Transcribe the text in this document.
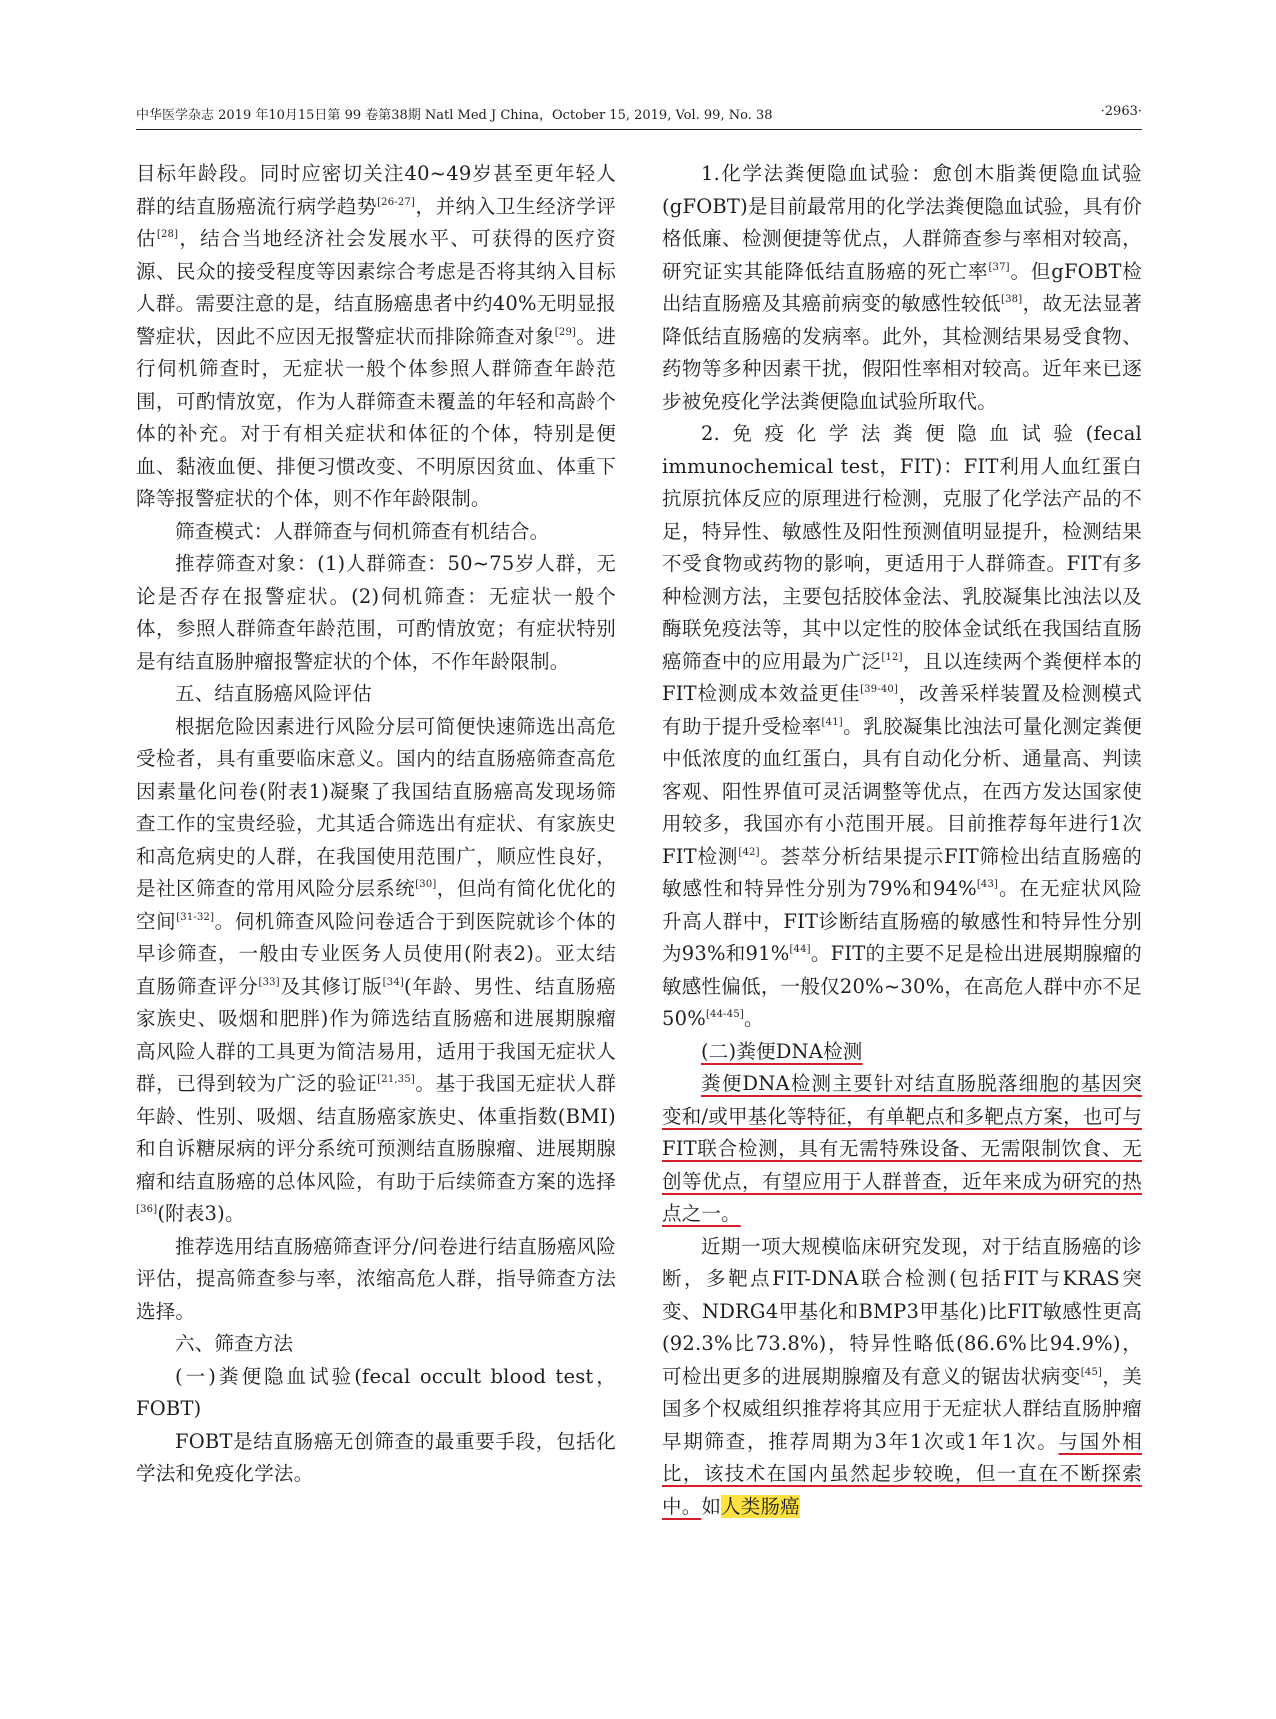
中华医学杂志 2019 年10月15日第 99 卷第38期 Natl Med J China，October 15, 2019, Vol. 99, No. 38	·2963·

目标年龄段。同时应密切关注40~49岁甚至更年轻人群的结直肠癌流行病学趋势[26-27]，并纳入卫生经济学评估[28]，结合当地经济社会发展水平、可获得的医疗资源、民众的接受程度等因素综合考虑是否将其纳入目标人群。需要注意的是，结直肠癌患者中约40%无明显报警症状，因此不应因无报警症状而排除筛查对象[29]。进行伺机筛查时，无症状一般个体参照人群筛查年龄范围，可酌情放宽，作为人群筛查未覆盖的年轻和高龄个体的补充。对于有相关症状和体征的个体，特别是便血、黏液血便、排便习惯改变、不明原因贫血、体重下降等报警症状的个体，则不作年龄限制。

筛查模式：人群筛查与伺机筛查有机结合。

推荐筛查对象：(1)人群筛查：50~75岁人群，无论是否存在报警症状。(2)伺机筛查：无症状一般个体，参照人群筛查年龄范围，可酌情放宽；有症状特别是有结直肠肿瘤报警症状的个体，不作年龄限制。

五、结直肠癌风险评估

根据危险因素进行风险分层可简便快速筛选出高危受检者，具有重要临床意义。国内的结直肠癌筛查高危因素量化问卷(附表1)凝聚了我国结直肠癌高发现场筛查工作的宝贵经验，尤其适合筛选出有症状、有家族史和高危病史的人群，在我国使用范围广，顺应性良好，是社区筛查的常用风险分层系统[30]，但尚有简化优化的空间[31-32]。伺机筛查风险问卷适合于到医院就诊个体的早诊筛查，一般由专业医务人员使用(附表2)。亚太结直肠筛查评分[33]及其修订版[34](年龄、男性、结直肠癌家族史、吸烟和肥胖)作为筛选结直肠癌和进展期腺瘤高风险人群的工具更为简洁易用，适用于我国无症状人群，已得到较为广泛的验证[21,35]。基于我国无症状人群年龄、性别、吸烟、结直肠癌家族史、体重指数(BMI)和自诉糖尿病的评分系统可预测结直肠腺瘤、进展期腺瘤和结直肠癌的总体风险，有助于后续筛查方案的选择[36](附表3)。

推荐选用结直肠癌筛查评分/问卷进行结直肠癌风险评估，提高筛查参与率，浓缩高危人群，指导筛查方法选择。

六、筛查方法

(一)粪便隐血试验(fecal occult blood test，FOBT)

FOBT是结直肠癌无创筛查的最重要手段，包括化学法和免疫化学法。

1.化学法粪便隐血试验：愈创木脂粪便隐血试验(gFOBT)是目前最常用的化学法粪便隐血试验，具有价格低廉、检测便捷等优点，人群筛查参与率相对较高，研究证实其能降低结直肠癌的死亡率[37]。但gFOBT检出结直肠癌及其癌前病变的敏感性较低[38]，故无法显著降低结直肠癌的发病率。此外，其检测结果易受食物、药物等多种因素干扰，假阳性率相对较高。近年来已逐步被免疫化学法粪便隐血试验所取代。

2.免疫化学法粪便隐血试验(fecal immunochemical test，FIT)：FIT利用人血红蛋白抗原抗体反应的原理进行检测，克服了化学法产品的不足，特异性、敏感性及阳性预测值明显提升，检测结果不受食物或药物的影响，更适用于人群筛查。FIT有多种检测方法，主要包括胶体金法、乳胶凝集比浊法以及酶联免疫法等，其中以定性的胶体金试纸在我国结直肠癌筛查中的应用最为广泛[12]，且以连续两个粪便样本的FIT检测成本效益更佳[39-40]，改善采样装置及检测模式有助于提升受检率[41]。乳胶凝集比浊法可量化测定粪便中低浓度的血红蛋白，具有自动化分析、通量高、判读客观、阳性界值可灵活调整等优点，在西方发达国家使用较多，我国亦有小范围开展。目前推荐每年进行1次FIT检测[42]。荟萃分析结果提示FIT筛检出结直肠癌的敏感性和特异性分别为79%和94%[43]。在无症状风险升高人群中，FIT诊断结直肠癌的敏感性和特异性分别为93%和91%[44]。FIT的主要不足是检出进展期腺瘤的敏感性偏低，一般仅20%~30%，在高危人群中亦不足50%[44-45]。

(二)粪便DNA检测

粪便DNA检测主要针对结直肠脱落细胞的基因突变和/或甲基化等特征，有单靶点和多靶点方案，也可与FIT联合检测，具有无需特殊设备、无需限制饮食、无创等优点，有望应用于人群普查，近年来成为研究的热点之一。

近期一项大规模临床研究发现，对于结直肠癌的诊断，多靶点FIT-DNA联合检测(包括FIT与KRAS突变、NDRG4甲基化和BMP3甲基化)比FIT敏感性更高(92.3%比73.8%)，特异性略低(86.6%比94.9%)，可检出更多的进展期腺瘤及有意义的锯齿状病变[45]，美国多个权威组织推荐将其应用于无症状人群结直肠肿瘤早期筛查，推荐周期为3年1次或1年1次。与国外相比，该技术在国内虽然起步较晚，但一直在不断探索中。如人类肠癌
